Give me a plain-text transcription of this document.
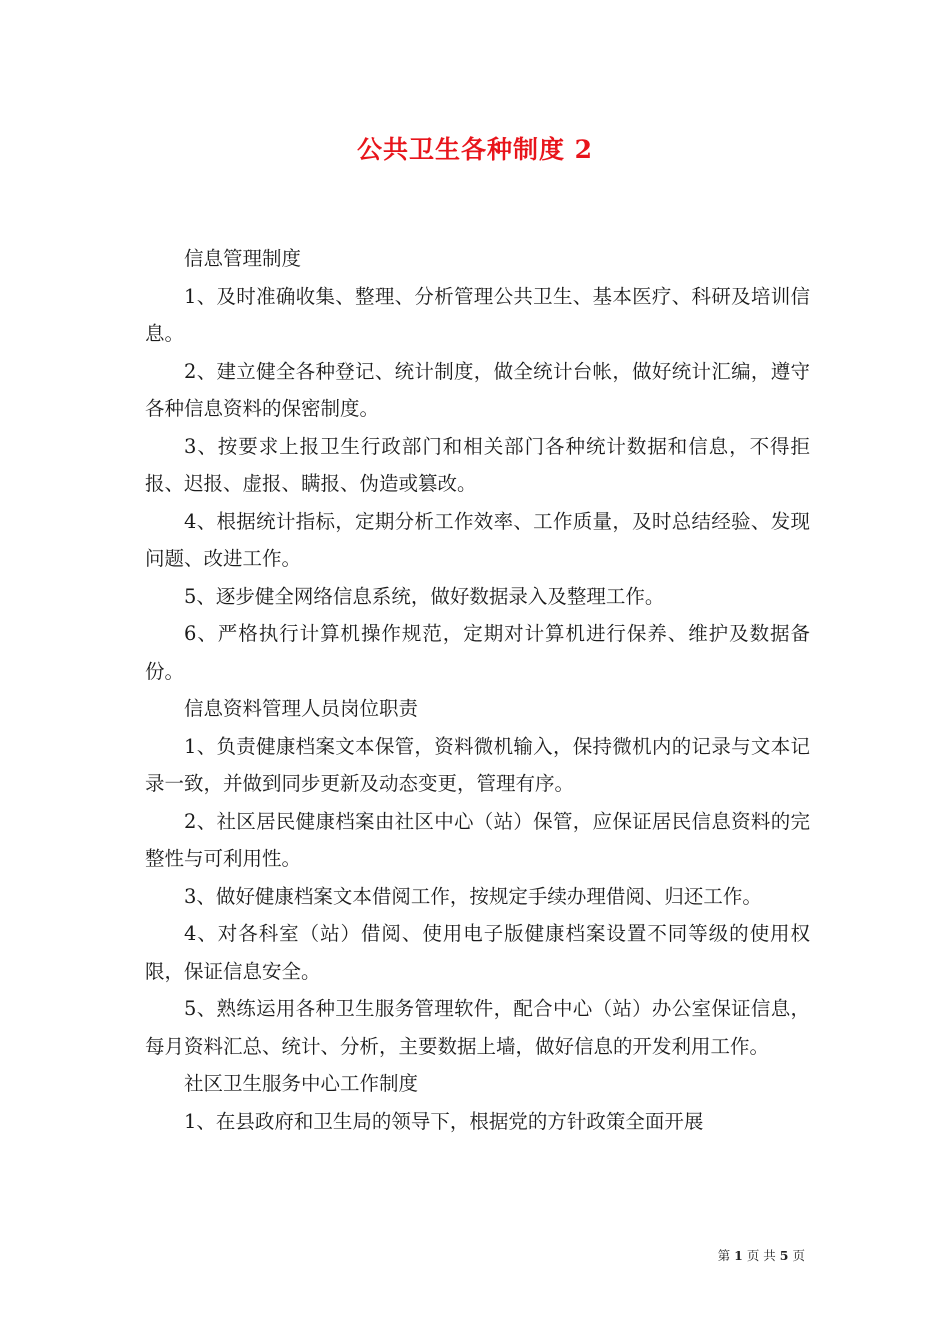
公共卫生各种制度 2

信息管理制度

1、及时准确收集、整理、分析管理公共卫生、基本医疗、科研及培训信息。

2、建立健全各种登记、统计制度，做全统计台帐，做好统计汇编，遵守各种信息资料的保密制度。

3、按要求上报卫生行政部门和相关部门各种统计数据和信息，不得拒报、迟报、虚报、瞒报、伪造或篡改。

4、根据统计指标，定期分析工作效率、工作质量，及时总结经验、发现问题、改进工作。

5、逐步健全网络信息系统，做好数据录入及整理工作。

6、严格执行计算机操作规范，定期对计算机进行保养、维护及数据备份。

信息资料管理人员岗位职责

1、负责健康档案文本保管，资料微机输入，保持微机内的记录与文本记录一致，并做到同步更新及动态变更，管理有序。

2、社区居民健康档案由社区中心（站）保管，应保证居民信息资料的完整性与可利用性。

3、做好健康档案文本借阅工作，按规定手续办理借阅、归还工作。

4、对各科室（站）借阅、使用电子版健康档案设置不同等级的使用权限，保证信息安全。

5、熟练运用各种卫生服务管理软件，配合中心（站）办公室保证信息，每月资料汇总、统计、分析，主要数据上墙，做好信息的开发利用工作。

社区卫生服务中心工作制度

1、在县政府和卫生局的领导下，根据党的方针政策全面开展

第 1 页 共 5 页
